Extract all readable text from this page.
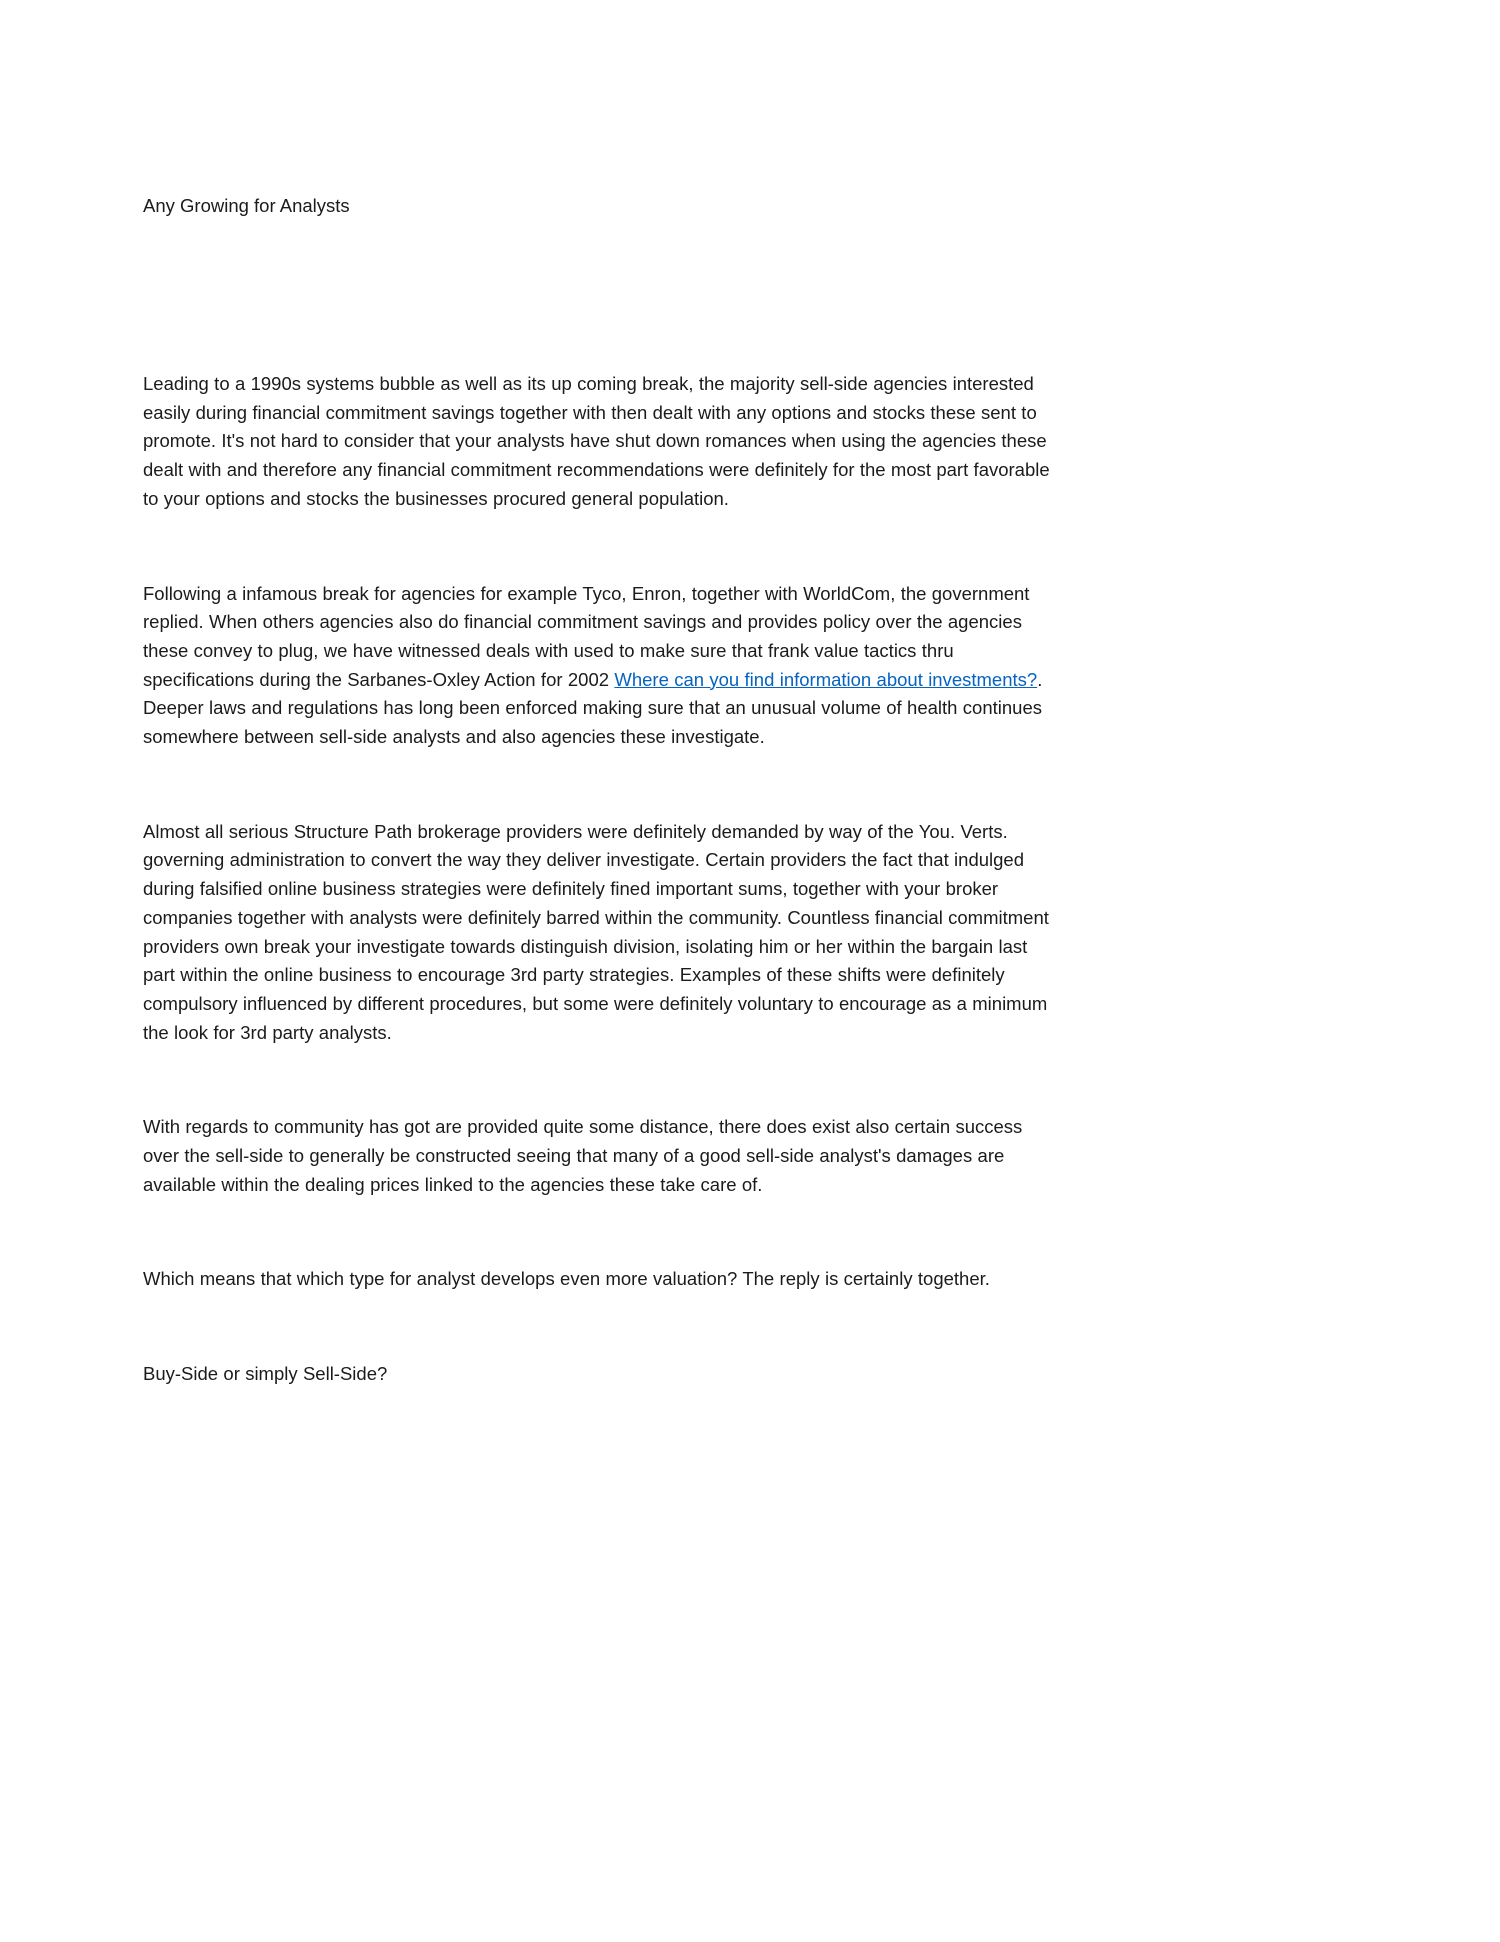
Any Growing for Analysts

Leading to a 1990s systems bubble as well as its up coming break, the majority sell-side agencies interested easily during financial commitment savings together with then dealt with any options and stocks these sent to promote. It's not hard to consider that your analysts have shut down romances when using the agencies these dealt with and therefore any financial commitment recommendations were definitely for the most part favorable to your options and stocks the businesses procured general population.

Following a infamous break for agencies for example Tyco, Enron, together with WorldCom, the government replied. When others agencies also do financial commitment savings and provides policy over the agencies these convey to plug, we have witnessed deals with used to make sure that frank value tactics thru specifications during the Sarbanes-Oxley Action for 2002 Where can you find information about investments?. Deeper laws and regulations has long been enforced making sure that an unusual volume of health continues somewhere between sell-side analysts and also agencies these investigate.

Almost all serious Structure Path brokerage providers were definitely demanded by way of the You. Verts. governing administration to convert the way they deliver investigate. Certain providers the fact that indulged during falsified online business strategies were definitely fined important sums, together with your broker companies together with analysts were definitely barred within the community. Countless financial commitment providers own break your investigate towards distinguish division, isolating him or her within the bargain last part within the online business to encourage 3rd party strategies. Examples of these shifts were definitely compulsory influenced by different procedures, but some were definitely voluntary to encourage as a minimum the look for 3rd party analysts.

With regards to community has got are provided quite some distance, there does exist also certain success over the sell-side to generally be constructed seeing that many of a good sell-side analyst's damages are available within the dealing prices linked to the agencies these take care of.

Which means that which type for analyst develops even more valuation? The reply is certainly together.

Buy-Side or simply Sell-Side?
